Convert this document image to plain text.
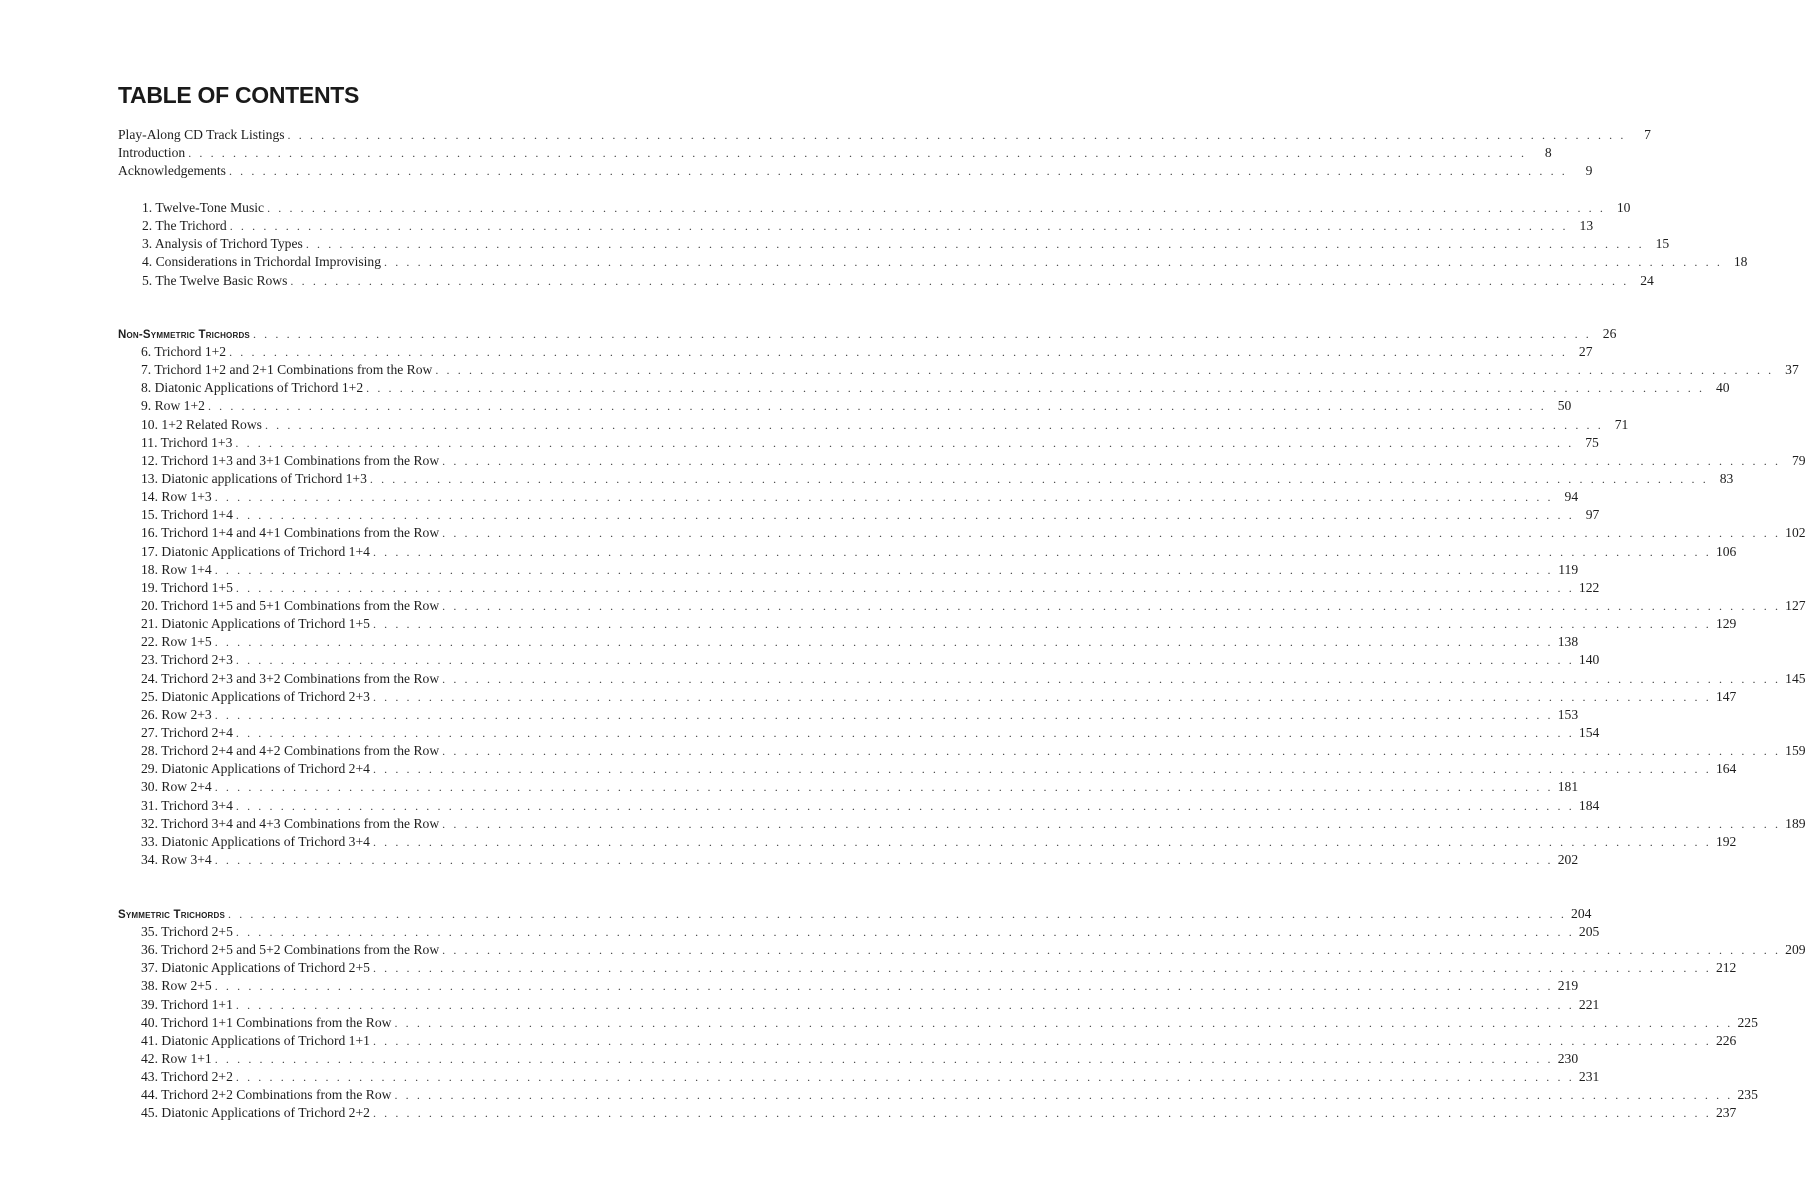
TABLE OF CONTENTS
Play-Along CD Track Listings . . . . . . . . . . . . . . . . . . . . . . . . . . . . . . . . . . . . . . . . . . . . . . . . . . . . . . . . . . . . . . . . . . . . . . . . . . . . . . . . . . . . . . . . . . . . . . . . . . . . . . . . . . . . . . . . . . . . . . . .	7
Introduction . . . . . . . . . . . . . . . . . . . . . . . . . . . . . . . . . . . . . . . . . . . . . . . . . . . . . . . . . . . . . . . . . . . . . . . . . . . . . . . . . . . . . . . . . . . . . . . . . . . . . . . . . . . . . . . . . . . . . . . .	8
Acknowledgements . . . . . . . . . . . . . . . . . . . . . . . . . . . . . . . . . . . . . . . . . . . . . . . . . . . . . . . . . . . . . . . . . . . . . . . . . . . . . . . . . . . . . . . . . . . . . . . . . . . . . . . . . . . . . . . . . . . . . . . .	9
1. Twelve-Tone Music . . . . . . . . . . . . . . . . . . . . . . . . . . . . . . . . . . . . . . . . . . . . . . . . . . . . . . . . . . . . . . . . . . . . . . . . . . . . . . . . . . . . . . . . . . . . . . . . . . . . . . . . . . . . . . . . . . . . . . . . 10
2. The Trichord . . . . . . . . . . . . . . . . . . . . . . . . . . . . . . . . . . . . . . . . . . . . . . . . . . . . . . . . . . . . . . . . . . . . . . . . . . . . . . . . . . . . . . . . . . . . . . . . . . . . . . . . . . . . . . . . . . . . . . . . 13
3. Analysis of Trichord Types . . . . . . . . . . . . . . . . . . . . . . . . . . . . . . . . . . . . . . . . . . . . . . . . . . . . . . . . . . . . . . . . . . . . . . . . . . . . . . . . . . . . . . . . . . . . . . . . . . . . . . . . . . . . . . . . . . . . . . . . 15
4. Considerations in Trichordal Improvising . . . . . . . . . . . . . . . . . . . . . . . . . . . . . . . . . . . . . . . . . . . . . . . . . . . . . . . . . . . . . . . . . . . . . . . . . . . . . . . . . . . . . . . . . . . . . . . . . . . . . . . . . . . . . . . . . . . . . . . . 18
5. The Twelve Basic Rows . . . . . . . . . . . . . . . . . . . . . . . . . . . . . . . . . . . . . . . . . . . . . . . . . . . . . . . . . . . . . . . . . . . . . . . . . . . . . . . . . . . . . . . . . . . . . . . . . . . . . . . . . . . . . . . . . . . . . . . . 24
Non-Symmetric Trichords . . . . . . . . . . . . . . . . . . . . . . . . . . . . . . . . . . . . . . . . . . . . . . . . . . . . . . . . . . . . . . . . . . . . . . . . . . . . . . . . . . . . . . . . . . . . . . . . . . . . . . . . . . . . . . . . . . . . . . . . 26
6. Trichord 1+2 . . . . . . . . . . . . . . . . . . . . . . . . . . . . . . . . . . . . . . . . . . . . . . . . . . . . . . . . . . . . . . . . . . . . . . . . . . . . . . . . . . . . . . . . . . . . . . . . . . . . . . . . . . . . . . . . . . . . . . . . 27
7. Trichord 1+2 and 2+1 Combinations from the Row . . . . . . . . . . . . . . . . . . . . . . . . . . . . . . . . . . . . . . . . . . . . . . . . . . . . . . . . . . . . . . . . . . . . . . . . . . . . . . . . . . . . . . . . . . . . . . . . . . . . . . . . . . . . . . . . . . . . . . . . 37
8. Diatonic Applications of Trichord 1+2 . . . . . . . . . . . . . . . . . . . . . . . . . . . . . . . . . . . . . . . . . . . . . . . . . . . . . . . . . . . . . . . . . . . . . . . . . . . . . . . . . . . . . . . . . . . . . . . . . . . . . . . . . . . . . . . . . . . . . . . . 40
9. Row 1+2 . . . . . . . . . . . . . . . . . . . . . . . . . . . . . . . . . . . . . . . . . . . . . . . . . . . . . . . . . . . . . . . . . . . . . . . . . . . . . . . . . . . . . . . . . . . . . . . . . . . . . . . . . . . . . . . . . . . . . . . . 50
10. 1+2 Related Rows . . . . . . . . . . . . . . . . . . . . . . . . . . . . . . . . . . . . . . . . . . . . . . . . . . . . . . . . . . . . . . . . . . . . . . . . . . . . . . . . . . . . . . . . . . . . . . . . . . . . . . . . . . . . . . . . . . . . . . . . 71
11. Trichord 1+3 . . . . . . . . . . . . . . . . . . . . . . . . . . . . . . . . . . . . . . . . . . . . . . . . . . . . . . . . . . . . . . . . . . . . . . . . . . . . . . . . . . . . . . . . . . . . . . . . . . . . . . . . . . . . . . . . . . . . . . . . 75
12. Trichord 1+3 and 3+1 Combinations from the Row . . . . . . . . . . . . . . . . . . . . . . . . . . . . . . . . . . . . . . . . . . . . . . . . . . . . . . . . . . . . . . . . . . . . . . . . . . . . . . . . . . . . . . . . . . . . . . . . . . . . . . . . . . . . . . . . . . . . . . . . 79
13. Diatonic applications of Trichord 1+3 . . . . . . . . . . . . . . . . . . . . . . . . . . . . . . . . . . . . . . . . . . . . . . . . . . . . . . . . . . . . . . . . . . . . . . . . . . . . . . . . . . . . . . . . . . . . . . . . . . . . . . . . . . . . . . . . . . . . . . . . 83
14. Row 1+3 . . . . . . . . . . . . . . . . . . . . . . . . . . . . . . . . . . . . . . . . . . . . . . . . . . . . . . . . . . . . . . . . . . . . . . . . . . . . . . . . . . . . . . . . . . . . . . . . . . . . . . . . . . . . . . . . . . . . . . . . 94
15. Trichord 1+4 . . . . . . . . . . . . . . . . . . . . . . . . . . . . . . . . . . . . . . . . . . . . . . . . . . . . . . . . . . . . . . . . . . . . . . . . . . . . . . . . . . . . . . . . . . . . . . . . . . . . . . . . . . . . . . . . . . . . . . . . 97
16. Trichord 1+4 and 4+1 Combinations from the Row . . . . . . . . . . . . . . . . . . . . . . . . . . . . . . . . . . . . . . . . . . . . . . . . . . . . . . . . . . . . . . . . . . . . . . . . . . . . . . . . . . . . . . . . . . . . . . . . . . . . . . . . . . . . . . . . . . . . . . . . 102
17. Diatonic Applications of Trichord 1+4 . . . . . . . . . . . . . . . . . . . . . . . . . . . . . . . . . . . . . . . . . . . . . . . . . . . . . . . . . . . . . . . . . . . . . . . . . . . . . . . . . . . . . . . . . . . . . . . . . . . . . . . . . . . . . . . . . . . . . . . . 106
18. Row 1+4 . . . . . . . . . . . . . . . . . . . . . . . . . . . . . . . . . . . . . . . . . . . . . . . . . . . . . . . . . . . . . . . . . . . . . . . . . . . . . . . . . . . . . . . . . . . . . . . . . . . . . . . . . . . . . . . . . . . . . . . . 119
19. Trichord 1+5 . . . . . . . . . . . . . . . . . . . . . . . . . . . . . . . . . . . . . . . . . . . . . . . . . . . . . . . . . . . . . . . . . . . . . . . . . . . . . . . . . . . . . . . . . . . . . . . . . . . . . . . . . . . . . . . . . . . . . . . . 122
20. Trichord 1+5 and 5+1 Combinations from the Row . . . . . . . . . . . . . . . . . . . . . . . . . . . . . . . . . . . . . . . . . . . . . . . . . . . . . . . . . . . . . . . . . . . . . . . . . . . . . . . . . . . . . . . . . . . . . . . . . . . . . . . . . . . . . . . . . . . . . . . . 127
21. Diatonic Applications of Trichord 1+5 . . . . . . . . . . . . . . . . . . . . . . . . . . . . . . . . . . . . . . . . . . . . . . . . . . . . . . . . . . . . . . . . . . . . . . . . . . . . . . . . . . . . . . . . . . . . . . . . . . . . . . . . . . . . . . . . . . . . . . . . 129
22. Row 1+5 . . . . . . . . . . . . . . . . . . . . . . . . . . . . . . . . . . . . . . . . . . . . . . . . . . . . . . . . . . . . . . . . . . . . . . . . . . . . . . . . . . . . . . . . . . . . . . . . . . . . . . . . . . . . . . . . . . . . . . . . 138
23. Trichord 2+3 . . . . . . . . . . . . . . . . . . . . . . . . . . . . . . . . . . . . . . . . . . . . . . . . . . . . . . . . . . . . . . . . . . . . . . . . . . . . . . . . . . . . . . . . . . . . . . . . . . . . . . . . . . . . . . . . . . . . . . . . 140
24. Trichord 2+3 and 3+2 Combinations from the Row . . . . . . . . . . . . . . . . . . . . . . . . . . . . . . . . . . . . . . . . . . . . . . . . . . . . . . . . . . . . . . . . . . . . . . . . . . . . . . . . . . . . . . . . . . . . . . . . . . . . . . . . . . . . . . . . . . . . . . . . 145
25. Diatonic Applications of Trichord 2+3 . . . . . . . . . . . . . . . . . . . . . . . . . . . . . . . . . . . . . . . . . . . . . . . . . . . . . . . . . . . . . . . . . . . . . . . . . . . . . . . . . . . . . . . . . . . . . . . . . . . . . . . . . . . . . . . . . . . . . . . . 147
26. Row 2+3 . . . . . . . . . . . . . . . . . . . . . . . . . . . . . . . . . . . . . . . . . . . . . . . . . . . . . . . . . . . . . . . . . . . . . . . . . . . . . . . . . . . . . . . . . . . . . . . . . . . . . . . . . . . . . . . . . . . . . . . . 153
27. Trichord 2+4 . . . . . . . . . . . . . . . . . . . . . . . . . . . . . . . . . . . . . . . . . . . . . . . . . . . . . . . . . . . . . . . . . . . . . . . . . . . . . . . . . . . . . . . . . . . . . . . . . . . . . . . . . . . . . . . . . . . . . . . . 154
28. Trichord 2+4 and 4+2 Combinations from the Row . . . . . . . . . . . . . . . . . . . . . . . . . . . . . . . . . . . . . . . . . . . . . . . . . . . . . . . . . . . . . . . . . . . . . . . . . . . . . . . . . . . . . . . . . . . . . . . . . . . . . . . . . . . . . . . . . . . . . . . . 159
29. Diatonic Applications of Trichord 2+4 . . . . . . . . . . . . . . . . . . . . . . . . . . . . . . . . . . . . . . . . . . . . . . . . . . . . . . . . . . . . . . . . . . . . . . . . . . . . . . . . . . . . . . . . . . . . . . . . . . . . . . . . . . . . . . . . . . . . . . . . 164
30. Row 2+4 . . . . . . . . . . . . . . . . . . . . . . . . . . . . . . . . . . . . . . . . . . . . . . . . . . . . . . . . . . . . . . . . . . . . . . . . . . . . . . . . . . . . . . . . . . . . . . . . . . . . . . . . . . . . . . . . . . . . . . . . 181
31. Trichord 3+4 . . . . . . . . . . . . . . . . . . . . . . . . . . . . . . . . . . . . . . . . . . . . . . . . . . . . . . . . . . . . . . . . . . . . . . . . . . . . . . . . . . . . . . . . . . . . . . . . . . . . . . . . . . . . . . . . . . . . . . . . 184
32. Trichord 3+4 and 4+3 Combinations from the Row . . . . . . . . . . . . . . . . . . . . . . . . . . . . . . . . . . . . . . . . . . . . . . . . . . . . . . . . . . . . . . . . . . . . . . . . . . . . . . . . . . . . . . . . . . . . . . . . . . . . . . . . . . . . . . . . . . . . . . . . 189
33. Diatonic Applications of Trichord 3+4 . . . . . . . . . . . . . . . . . . . . . . . . . . . . . . . . . . . . . . . . . . . . . . . . . . . . . . . . . . . . . . . . . . . . . . . . . . . . . . . . . . . . . . . . . . . . . . . . . . . . . . . . . . . . . . . . . . . . . . . . 192
34. Row 3+4 . . . . . . . . . . . . . . . . . . . . . . . . . . . . . . . . . . . . . . . . . . . . . . . . . . . . . . . . . . . . . . . . . . . . . . . . . . . . . . . . . . . . . . . . . . . . . . . . . . . . . . . . . . . . . . . . . . . . . . . . 202
Symmetric Trichords . . . . . . . . . . . . . . . . . . . . . . . . . . . . . . . . . . . . . . . . . . . . . . . . . . . . . . . . . . . . . . . . . . . . . . . . . . . . . . . . . . . . . . . . . . . . . . . . . . . . . . . . . . . . . . . . . . . . . . . . 204
35. Trichord 2+5 . . . . . . . . . . . . . . . . . . . . . . . . . . . . . . . . . . . . . . . . . . . . . . . . . . . . . . . . . . . . . . . . . . . . . . . . . . . . . . . . . . . . . . . . . . . . . . . . . . . . . . . . . . . . . . . . . . . . . . . . 205
36. Trichord 2+5 and 5+2 Combinations from the Row . . . . . . . . . . . . . . . . . . . . . . . . . . . . . . . . . . . . . . . . . . . . . . . . . . . . . . . . . . . . . . . . . . . . . . . . . . . . . . . . . . . . . . . . . . . . . . . . . . . . . . . . . . . . . . . . . . . . . . . . 209
37. Diatonic Applications of Trichord 2+5 . . . . . . . . . . . . . . . . . . . . . . . . . . . . . . . . . . . . . . . . . . . . . . . . . . . . . . . . . . . . . . . . . . . . . . . . . . . . . . . . . . . . . . . . . . . . . . . . . . . . . . . . . . . . . . . . . . . . . . . . 212
38. Row 2+5 . . . . . . . . . . . . . . . . . . . . . . . . . . . . . . . . . . . . . . . . . . . . . . . . . . . . . . . . . . . . . . . . . . . . . . . . . . . . . . . . . . . . . . . . . . . . . . . . . . . . . . . . . . . . . . . . . . . . . . . . 219
39. Trichord 1+1 . . . . . . . . . . . . . . . . . . . . . . . . . . . . . . . . . . . . . . . . . . . . . . . . . . . . . . . . . . . . . . . . . . . . . . . . . . . . . . . . . . . . . . . . . . . . . . . . . . . . . . . . . . . . . . . . . . . . . . . . 221
40. Trichord 1+1 Combinations from the Row . . . . . . . . . . . . . . . . . . . . . . . . . . . . . . . . . . . . . . . . . . . . . . . . . . . . . . . . . . . . . . . . . . . . . . . . . . . . . . . . . . . . . . . . . . . . . . . . . . . . . . . . . . . . . . . . . . . . . . . . 225
41. Diatonic Applications of Trichord 1+1 . . . . . . . . . . . . . . . . . . . . . . . . . . . . . . . . . . . . . . . . . . . . . . . . . . . . . . . . . . . . . . . . . . . . . . . . . . . . . . . . . . . . . . . . . . . . . . . . . . . . . . . . . . . . . . . . . . . . . . . . 226
42. Row 1+1 . . . . . . . . . . . . . . . . . . . . . . . . . . . . . . . . . . . . . . . . . . . . . . . . . . . . . . . . . . . . . . . . . . . . . . . . . . . . . . . . . . . . . . . . . . . . . . . . . . . . . . . . . . . . . . . . . . . . . . . . 230
43. Trichord 2+2 . . . . . . . . . . . . . . . . . . . . . . . . . . . . . . . . . . . . . . . . . . . . . . . . . . . . . . . . . . . . . . . . . . . . . . . . . . . . . . . . . . . . . . . . . . . . . . . . . . . . . . . . . . . . . . . . . . . . . . . . 231
44. Trichord 2+2 Combinations from the Row . . . . . . . . . . . . . . . . . . . . . . . . . . . . . . . . . . . . . . . . . . . . . . . . . . . . . . . . . . . . . . . . . . . . . . . . . . . . . . . . . . . . . . . . . . . . . . . . . . . . . . . . . . . . . . . . . . . . . . . . 235
45. Diatonic Applications of Trichord 2+2 . . . . . . . . . . . . . . . . . . . . . . . . . . . . . . . . . . . . . . . . . . . . . . . . . . . . . . . . . . . . . . . . . . . . . . . . . . . . . . . . . . . . . . . . . . . . . . . . . . . . . . . . . . . . . . . . . . . . . . . . 237
